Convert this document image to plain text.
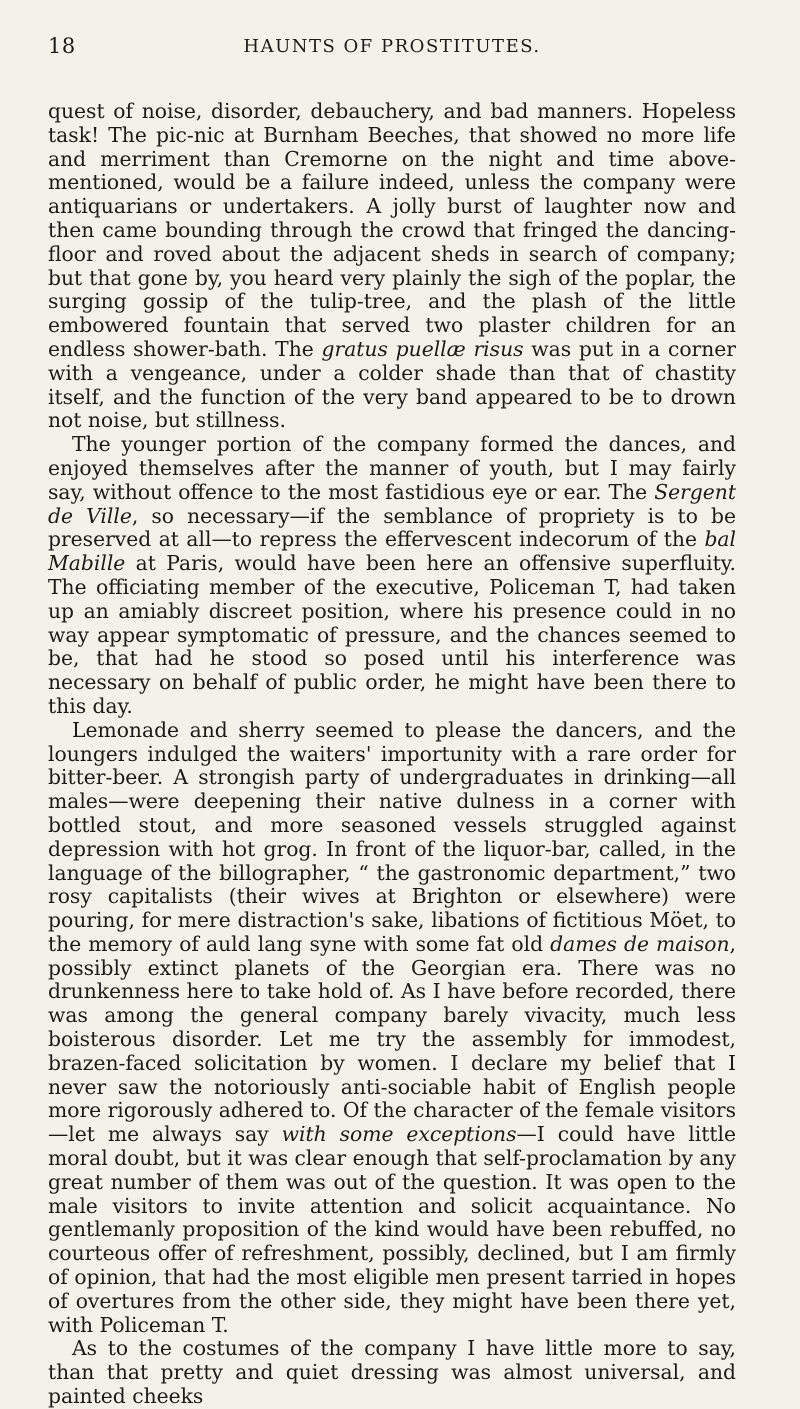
18	HAUNTS OF PROSTITUTES.

quest of noise, disorder, debauchery, and bad manners. Hopeless task! The pic-nic at Burnham Beeches, that showed no more life and merriment than Cremorne on the night and time above-mentioned, would be a failure indeed, unless the company were antiquarians or undertakers. A jolly burst of laughter now and then came bounding through the crowd that fringed the dancing-floor and roved about the adjacent sheds in search of company; but that gone by, you heard very plainly the sigh of the poplar, the surging gossip of the tulip-tree, and the plash of the little embowered fountain that served two plaster children for an endless shower-bath. The gratus puellæ risus was put in a corner with a vengeance, under a colder shade than that of chastity itself, and the function of the very band appeared to be to drown not noise, but stillness.

The younger portion of the company formed the dances, and enjoyed themselves after the manner of youth, but I may fairly say, without offence to the most fastidious eye or ear. The Sergent de Ville, so necessary—if the semblance of propriety is to be preserved at all—to repress the effervescent indecorum of the bal Mabille at Paris, would have been here an offensive superfluity. The officiating member of the executive, Policeman T, had taken up an amiably discreet position, where his presence could in no way appear symptomatic of pressure, and the chances seemed to be, that had he stood so posed until his interference was necessary on behalf of public order, he might have been there to this day.

Lemonade and sherry seemed to please the dancers, and the loungers indulged the waiters' importunity with a rare order for bitter-beer. A strongish party of undergraduates in drinking—all males—were deepening their native dulness in a corner with bottled stout, and more seasoned vessels struggled against depression with hot grog. In front of the liquor-bar, called, in the language of the billographer, “ the gastronomic department,” two rosy capitalists (their wives at Brighton or elsewhere) were pouring, for mere distraction's sake, libations of fictitious Möet, to the memory of auld lang syne with some fat old dames de maison, possibly extinct planets of the Georgian era. There was no drunkenness here to take hold of. As I have before recorded, there was among the general company barely vivacity, much less boisterous disorder. Let me try the assembly for immodest, brazen-faced solicitation by women. I declare my belief that I never saw the notoriously anti-sociable habit of English people more rigorously adhered to. Of the character of the female visitors—let me always say with some exceptions—I could have little moral doubt, but it was clear enough that self-proclamation by any great number of them was out of the question. It was open to the male visitors to invite attention and solicit acquaintance. No gentlemanly proposition of the kind would have been rebuffed, no courteous offer of refreshment, possibly, declined, but I am firmly of opinion, that had the most eligible men present tarried in hopes of overtures from the other side, they might have been there yet, with Policeman T.

As to the costumes of the company I have little more to say, than that pretty and quiet dressing was almost universal, and painted cheeks
